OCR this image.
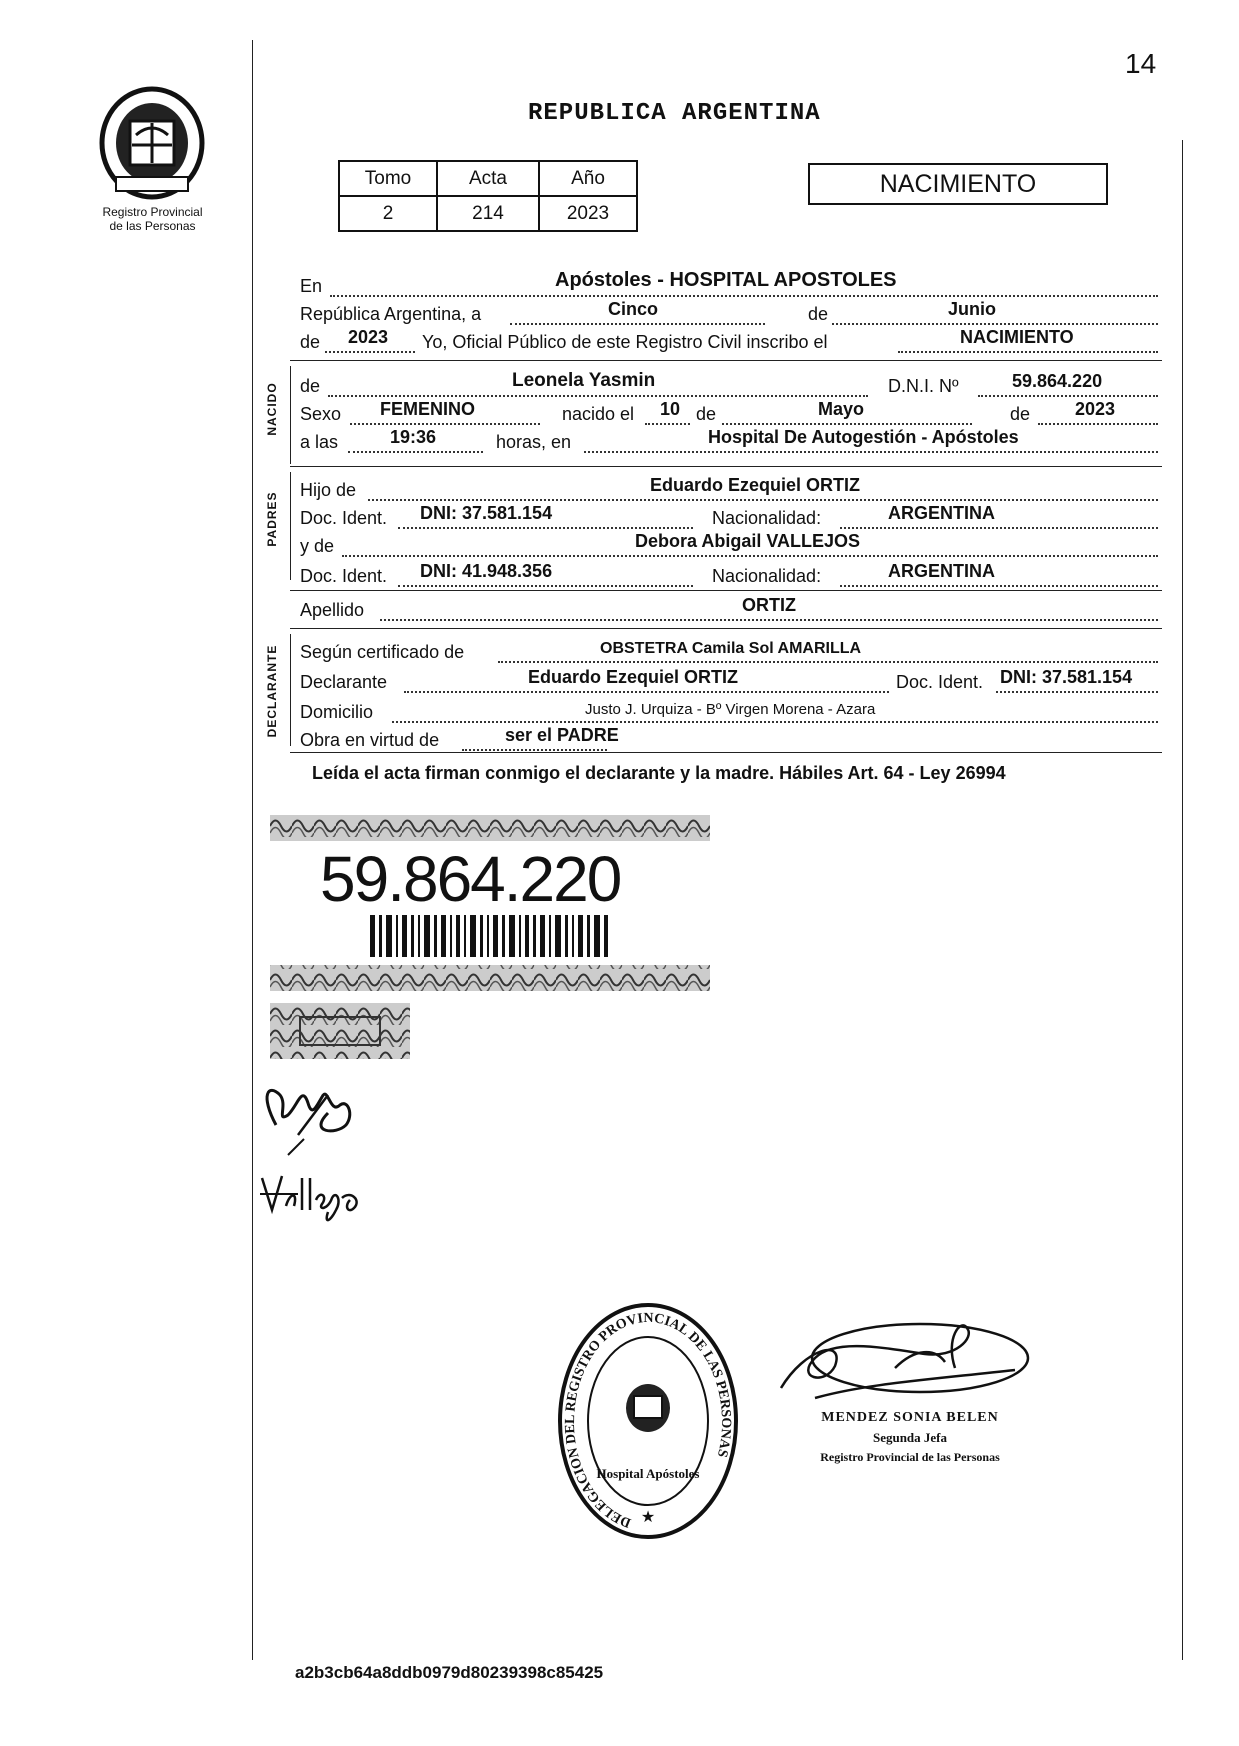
14
Registro Provincial
de las Personas
REPUBLICA ARGENTINA
Tomo	Acta	Año
2	214	2023
NACIMIENTO
En	Apóstoles - HOSPITAL APOSTOLES
República Argentina, a	Cinco	de	Junio
de 2023 Yo, Oficial Público de este Registro Civil inscribo el	NACIMIENTO
NACIDO de	Leonela Yasmin	D.N.I. Nº	59.864.220
Sexo FEMENINO	nacido el 10 de	Mayo	de 2023
a las	19:36	horas, en	Hospital De Autogestión - Apóstoles
PADRES
Hijo de	Eduardo Ezequiel ORTIZ
Doc. Ident. DNI: 37.581.154	Nacionalidad:	ARGENTINA
y de	Debora Abigail VALLEJOS
Doc. Ident. DNI: 41.948.356	Nacionalidad:	ARGENTINA
Apellido	ORTIZ
DECLARANTE Según certificado de	OBSTETRA Camila Sol AMARILLA
Declarante	Eduardo Ezequiel ORTIZ	Doc. Ident. DNI: 37.581.154
Domicilio	Justo J. Urquiza - Bº Virgen Morena - Azara
Obra en virtud de	ser el PADRE
Leída el acta firman conmigo el declarante y la madre. Hábiles Art. 64 - Ley 26994
59.864.220
DELEGACION DEL REGISTRO PROVINCIAL DE LAS PERSONAS
Hospital Apóstoles
★
MENDEZ SONIA BELEN
Segunda Jefa
Registro Provincial de las Personas
a2b3cb64a8ddb0979d80239398c85425
